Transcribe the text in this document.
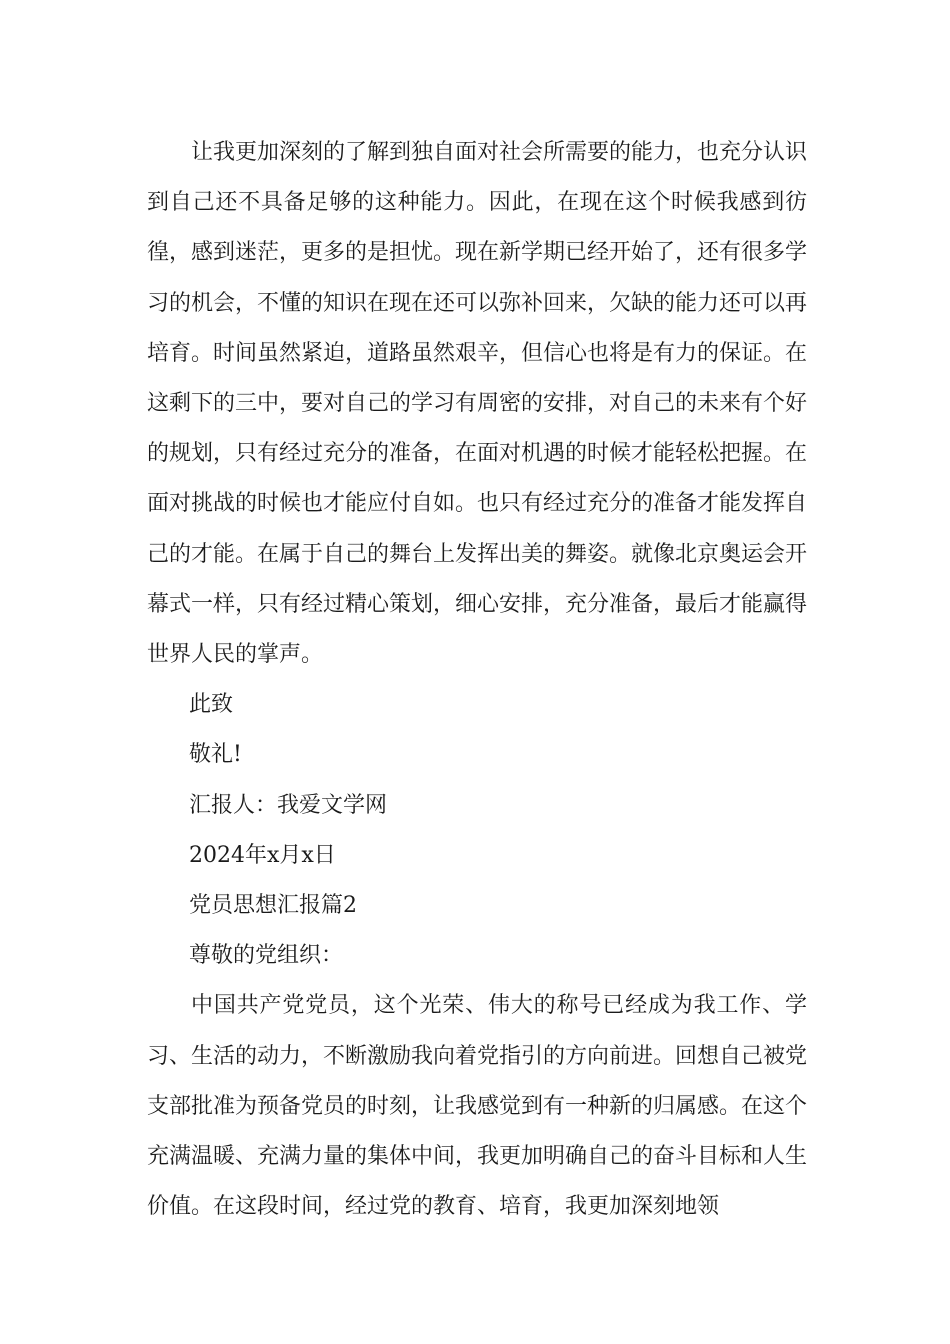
让我更加深刻的了解到独自面对社会所需要的能力，也充分认识到自己还不具备足够的这种能力。因此，在现在这个时候我感到彷徨，感到迷茫，更多的是担忧。现在新学期已经开始了，还有很多学习的机会，不懂的知识在现在还可以弥补回来，欠缺的能力还可以再培育。时间虽然紧迫，道路虽然艰辛，但信心也将是有力的保证。在这剩下的三中，要对自己的学习有周密的安排，对自己的未来有个好的规划，只有经过充分的准备，在面对机遇的时候才能轻松把握。在面对挑战的时候也才能应付自如。也只有经过充分的准备才能发挥自己的才能。在属于自己的舞台上发挥出美的舞姿。就像北京奥运会开幕式一样，只有经过精心策划，细心安排，充分准备，最后才能赢得世界人民的掌声。

此致

敬礼!

汇报人：我爱文学网

2024年x月x日

党员思想汇报篇2

尊敬的党组织：

中国共产党党员，这个光荣、伟大的称号已经成为我工作、学习、生活的动力，不断激励我向着党指引的方向前进。回想自己被党支部批准为预备党员的时刻，让我感觉到有一种新的归属感。在这个充满温暖、充满力量的集体中间，我更加明确自己的奋斗目标和人生价值。在这段时间，经过党的教育、培育，我更加深刻地领
